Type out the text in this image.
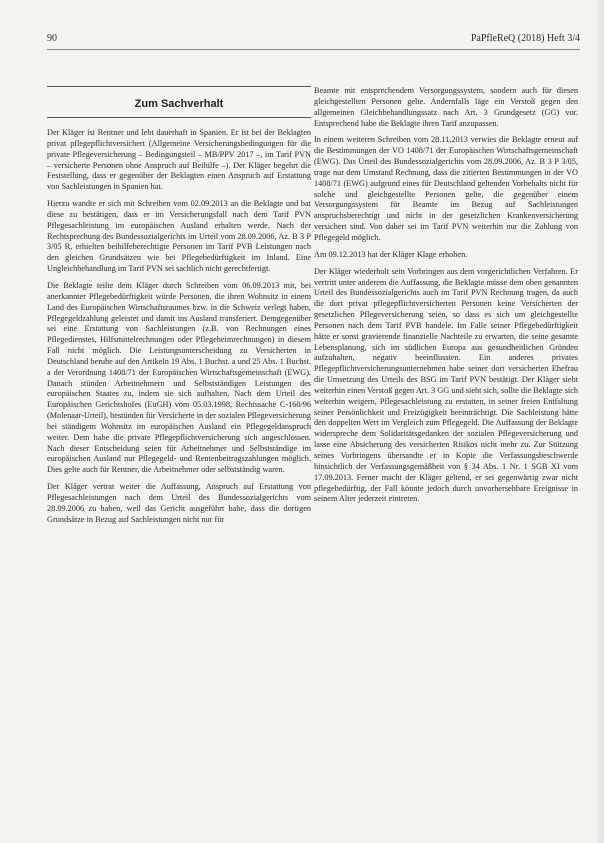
90	PaPfleReQ (2018) Heft 3/4
Zum Sachverhalt

Der Kläger ist Rentner und lebt dauerhaft in Spanien. Er ist bei der Beklagten privat pflegepflichtversichert (Allgemeine Versicherungsbedingungen für die private Pflegeversicherung – Bedingungsteil – MB/PPV 2017 –, im Tarif PVN – versicherte Personen ohne Anspruch auf Beihilfe –). Der Kläger begehrt die Feststellung, dass er gegenüber der Beklagten einen Anspruch auf Erstattung von Sachleistungen in Spanien hat.

Hierzu wandte er sich mit Schreiben vom 02.09.2013 an die Beklagte und bat diese zu bestätigen, dass er im Versicherungsfall nach dem Tarif PVN Pflegesachleistung im europäischen Ausland erhalten werde. Nach der Rechtsprechung des Bundessozialgerichts im Urteil vom 28.09.2006, Az. B 3 P 3/05 R, erhielten beihilfeberechtigte Personen im Tarif PVB Leistungen nach den gleichen Grundsätzen wie bei Pflegebedürftigkeit im Inland. Eine Ungleichbehandlung im Tarif PVN sei sachlich nicht gerechtfertigt.

Die Beklagte teilte dem Kläger durch Schreiben vom 06.09.2013 mit, bei anerkannter Pflegebedürftigkeit würde Personen, die ihren Wohnsitz in einem Land des Europäischen Wirtschaftsraumes bzw. in die Schweiz verlegt haben, Pflegegeldzahlung geleistet und damit ins Ausland transferiert. Demgegenüber sei eine Erstattung von Sachleistungen (z.B. von Rechnungen eines Pflegedienstes, Hilfsmittelrechnungen oder Pflegeheimrechnungen) in diesem Fall nicht möglich. Die Leistungsunterscheidung zu Versicherten in Deutschland beruhe auf den Artikeln 19 Abs. 1 Buchst. a und 25 Abs. 1 Buchst. a der Verordnung 1408/71 der Europäischen Wirtschaftsgemeinschaft (EWG). Danach stünden Arbeitnehmern und Selbstständigen Leistungen des europäischen Staates zu, indem sie sich aufhalten. Nach dem Urteil des Europäischen Gerichtshofes (EuGH) vom 05.03.1998, Rechtssache C-160/96 (Molenaar-Urteil), bestünden für Versicherte in der sozialen Pflegeversicherung bei ständigem Wohnsitz im europäischen Ausland ein Pflegegeldanspruch weiter. Dem habe die private Pflegepflichtversicherung sich angeschlossen. Nach dieser Entscheidung seien für Arbeitnehmer und Selbstständige im europäischen Ausland nur Pflegegeld- und Rentenbeitragszahlungen möglich. Dies gelte auch für Rentner, die Arbeitnehmer oder selbstständig waren.

Der Kläger vertrat weiter die Auffassung, Anspruch auf Erstattung von Pflegesachleistungen nach dem Urteil des Bundessozialgerichts vom 28.09.2006 zu haben, weil das Gericht ausgeführt habe, dass die dortigen Grundsätze in Bezug auf Sachleistungen nicht nur für

Beamte mit entsprechendem Versorgungssystem, sondern auch für diesen gleichgestellten Personen gelte. Andernfalls läge ein Verstoß gegen den allgemeinen Gleichbehandlungssatz nach Art. 3 Grundgesetz (GG) vor. Entsprechend habe die Beklagte ihren Tarif anzupassen.

In einem weiteren Schreiben vom 28.11.2013 verwies die Beklagte erneut auf die Bestimmungen der VO 1408/71 der Europäischen Wirtschaftsgemeinschaft (EWG). Das Urteil des Bundessozialgerichts vom 28.09.2006, Az. B 3 P 3/05, trage nur dem Umstand Rechnung, dass die zitierten Bestimmungen in der VO 1408/71 (EWG) aufgrund eines für Deutschland geltenden Vorbehalts nicht für solche und gleichgestellte Personen gelte, die gegenüber einem Versorgungssystem für Beamte im Bezug auf Sachleistungen anspruchsberechtigt und nicht in der gesetzlichen Krankenversicherung versichert sind. Von daher sei im Tarif PVN weiterhin nur die Zahlung von Pflegegeld möglich.

Am 09.12.2013 hat der Kläger Klage erhoben.

Der Kläger wiederholt sein Vorbringen aus dem vorgerichtlichen Verfahren. Er vertritt unter anderem die Auffassung, die Beklagte müsse dem oben genannten Urteil des Bundessozialgerichts auch im Tarif PVN Rechnung tragen, da auch die dort privat pflegepflichtversicherten Personen keine Versicherten der gesetzlichen Pflegeversicherung seien, so dass es sich um gleichgestellte Personen nach dem Tarif PVB handele. Im Falle seiner Pflegebedürftigkeit hätte er sonst gravierende finanzielle Nachteile zu erwarten, die seine gesamte Lebensplanung, sich im südlichen Europa aus gesundheitlichen Gründen aufzuhalten, negativ beeinflussten. Ein anderes privates Pflegepflichtversicherungsunternehmen habe seiner dort versicherten Ehefrau die Umsetzung des Urteils des BSG im Tarif PVN bestätigt. Der Kläger sieht weiterhin einen Verstoß gegen Art. 3 GG und sieht sich, sollte die Beklagte sich weiterhin weigern, Pflegesachleistung zu erstatten, in seiner freien Entfaltung seiner Persönlichkeit und Freizügigkeit beeinträchtigt. Die Sachleistung hätte den doppelten Wert im Vergleich zum Pflegegeld. Die Auffassung der Beklagte widerspreche dem Solidaritätsgedanken der sozialen Pflegeversicherung und lasse eine Absicherung des versicherten Risikos nicht mehr zu. Zur Stützung seines Vorbringens übersandte er in Kopie die Verfassungsbeschwerde hinsichtlich der Verfassungsgemäßheit von § 34 Abs. 1 Nr. 1 SGB XI vom 17.09.2013. Ferner macht der Kläger geltend, er sei gegenwärtig zwar nicht pflegebedürftig, der Fall könnte jedoch durch unvorhersehbare Ereignisse in seinem Alter jederzeit eintreten.
